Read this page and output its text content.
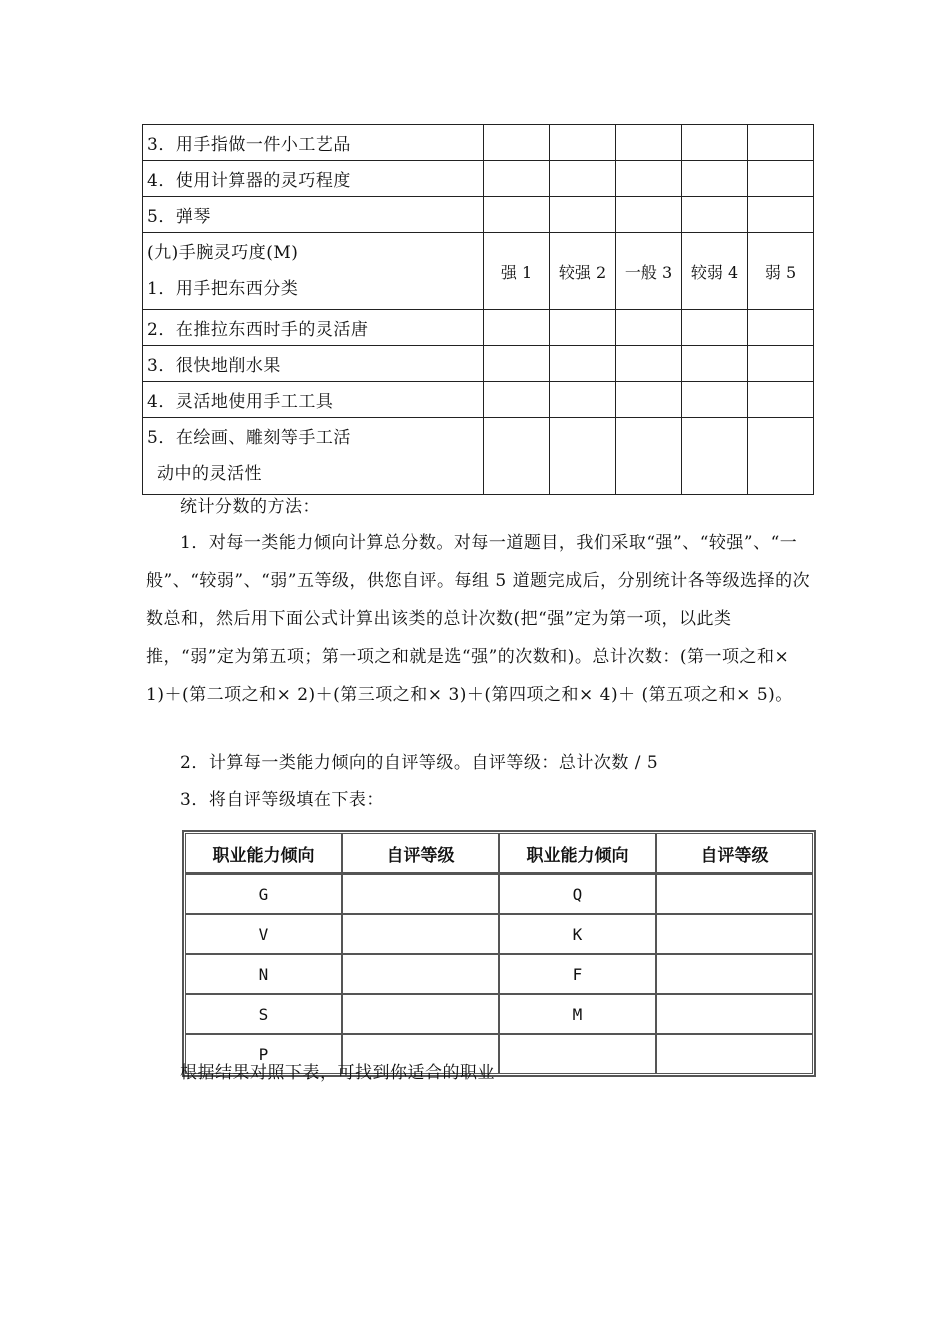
3．用手指做一件小工艺品					
4．使用计算器的灵巧程度					
5．弹琴					

(九)手腕灵巧度(M)
1．用手把东西分类	强 1	较强 2	一般 3	较弱 4	弱 5
2．在推拉东西时手的灵活唐					
3．很快地削水果					
4．灵活地使用手工工具					

5．在绘画、雕刻等手工活
动中的灵活性					

统计分数的方法：
1．对每一类能力倾向计算总分数。对每一道题目，我们采取“强”、“较强”、“一般”、“较弱”、“弱”五等级，供您自评。每组 5 道题完成后，分别统计各等级选择的次数总和，然后用下面公式计算出该类的总计次数(把“强”定为第一项，以此类推，“弱”定为第五项；第一项之和就是选“强”的次数和)。总计次数：(第一项之和× 1)＋(第二项之和× 2)＋(第三项之和× 3)＋(第四项之和× 4)＋ (第五项之和× 5)。
2．计算每一类能力倾向的自评等级。自评等级：总计次数 / 5
3．将自评等级填在下表：
职业能力倾向	自评等级	职业能力倾向	自评等级
G		Q	
V		K	
N		F	
S		M	
P			
根据结果对照下表，可找到你适合的职业
